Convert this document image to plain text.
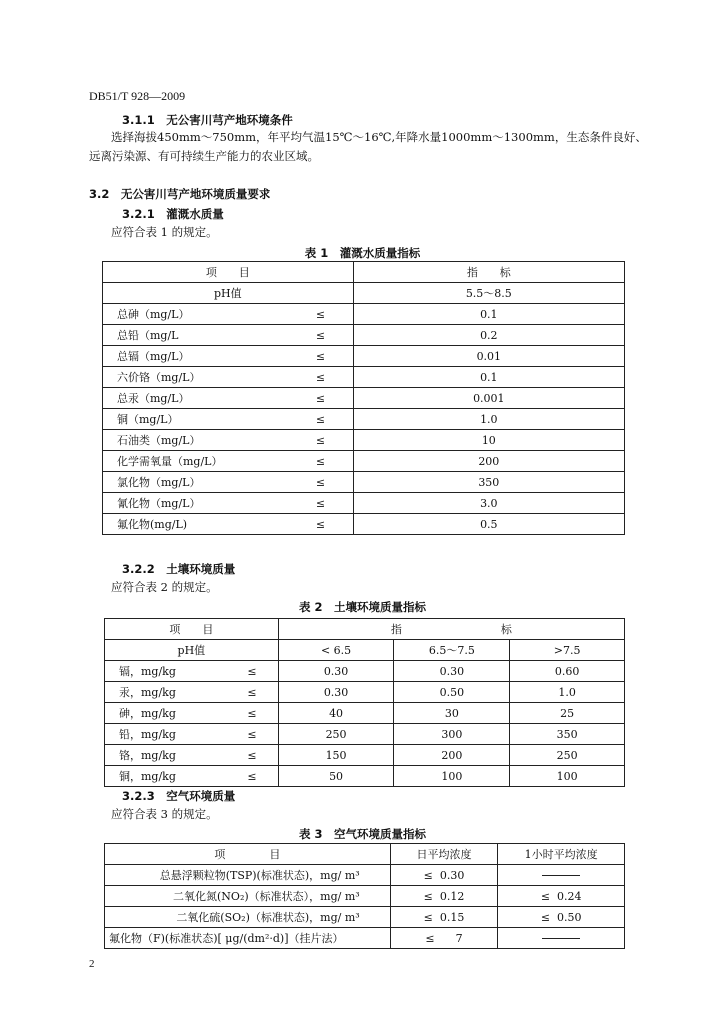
DB51/T 928—2009
3.1.1　无公害川芎产地环境条件
选择海拔450mm～750mm，年平均气温15℃～16℃,年降水量1000mm～1300mm，生态条件良好、
远离污染源、有可持续生产能力的农业区域。
3.2　无公害川芎产地环境质量要求
3.2.1　灌溉水质量
应符合表 1 的规定。
表 1　灌溉水质量指标
项　　目		指　　标
pH值		5.5～8.5
总砷（mg/L）	≤	0.1
总铅（mg/L	≤	0.2
总镉（mg/L）	≤	0.01
六价铬（mg/L）	≤	0.1
总汞（mg/L）	≤	0.001
铜（mg/L）	≤	1.0
石油类（mg/L）	≤	10
化学需氧量（mg/L）	≤	200
氯化物（mg/L）	≤	350
氰化物（mg/L）	≤	3.0
氟化物(mg/L)	≤	0.5
3.2.2　土壤环境质量
应符合表 2 的规定。
表 2　土壤环境质量指标
项　　目		指　　　　　　　　　标		
pH值		< 6.5	6.5～7.5	>7.5
镉，mg/kg	≤	0.30	0.30	0.60
汞，mg/kg	≤	0.30	0.50	1.0
砷，mg/kg	≤	40	30	25
铅，mg/kg	≤	250	300	350
铬，mg/kg	≤	150	200	250
铜，mg/kg	≤	50	100	100
3.2.3　空气环境质量
应符合表 3 的规定。
表 3　空气环境质量指标
项　　　　目	日平均浓度	1小时平均浓度
总悬浮颗粒物(TSP)(标准状态)，mg/ m³	≤  0.30	
二氧化氮(NO₂)（标准状态），mg/ m³	≤  0.12	≤  0.24
二氧化硫(SO₂)（标准状态)，mg/ m³	≤  0.15	≤  0.50
氟化物（F)(标准状态)[ μg/(dm²·d)]（挂片法）	≤      7	
2
